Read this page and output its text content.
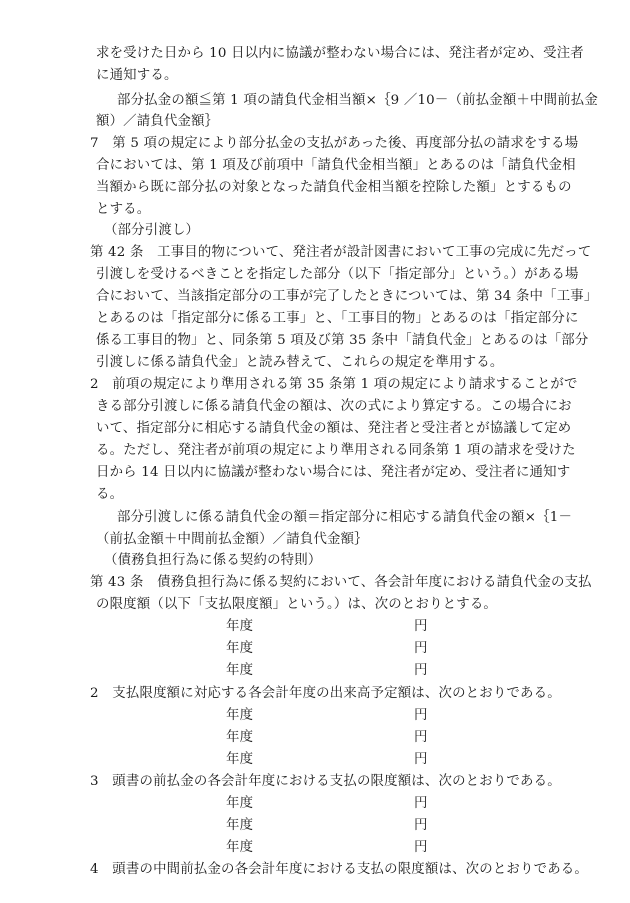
求を受けた日から 10 日以内に協議が整わない場合には、発注者が定め、受注者
に通知する。
部分払金の額≦第 1 項の請負代金相当額×｛9 ／10－（前払金額＋中間前払金
額）／請負代金額｝
7　第 5 項の規定により部分払金の支払があった後、再度部分払の請求をする場
合においては、第 1 項及び前項中「請負代金相当額」とあるのは「請負代金相
当額から既に部分払の対象となった請負代金相当額を控除した額」とするもの
とする。
（部分引渡し）
第 42 条　工事目的物について、発注者が設計図書において工事の完成に先だって
引渡しを受けるべきことを指定した部分（以下「指定部分」という。）がある場
合において、当該指定部分の工事が完了したときについては、第 34 条中「工事」
とあるのは「指定部分に係る工事」と、「工事目的物」とあるのは「指定部分に
係る工事目的物」と、同条第 5 項及び第 35 条中「請負代金」とあるのは「部分
引渡しに係る請負代金」と読み替えて、これらの規定を準用する。
2　前項の規定により準用される第 35 条第 1 項の規定により請求することがで
きる部分引渡しに係る請負代金の額は、次の式により算定する。この場合にお
いて、指定部分に相応する請負代金の額は、発注者と受注者とが協議して定め
る。ただし、発注者が前項の規定により準用される同条第 1 項の請求を受けた
日から 14 日以内に協議が整わない場合には、発注者が定め、受注者に通知す
る。
部分引渡しに係る請負代金の額＝指定部分に相応する請負代金の額×｛1－
（前払金額＋中間前払金額）／請負代金額｝
（債務負担行為に係る契約の特則）
第 43 条　債務負担行為に係る契約において、各会計年度における請負代金の支払
の限度額（以下「支払限度額」という。）は、次のとおりとする。
年度	円
年度	円
年度	円
2　支払限度額に対応する各会計年度の出来高予定額は、次のとおりである。
年度	円
年度	円
年度	円
3　頭書の前払金の各会計年度における支払の限度額は、次のとおりである。
年度	円
年度	円
年度	円
4　頭書の中間前払金の各会計年度における支払の限度額は、次のとおりである。
